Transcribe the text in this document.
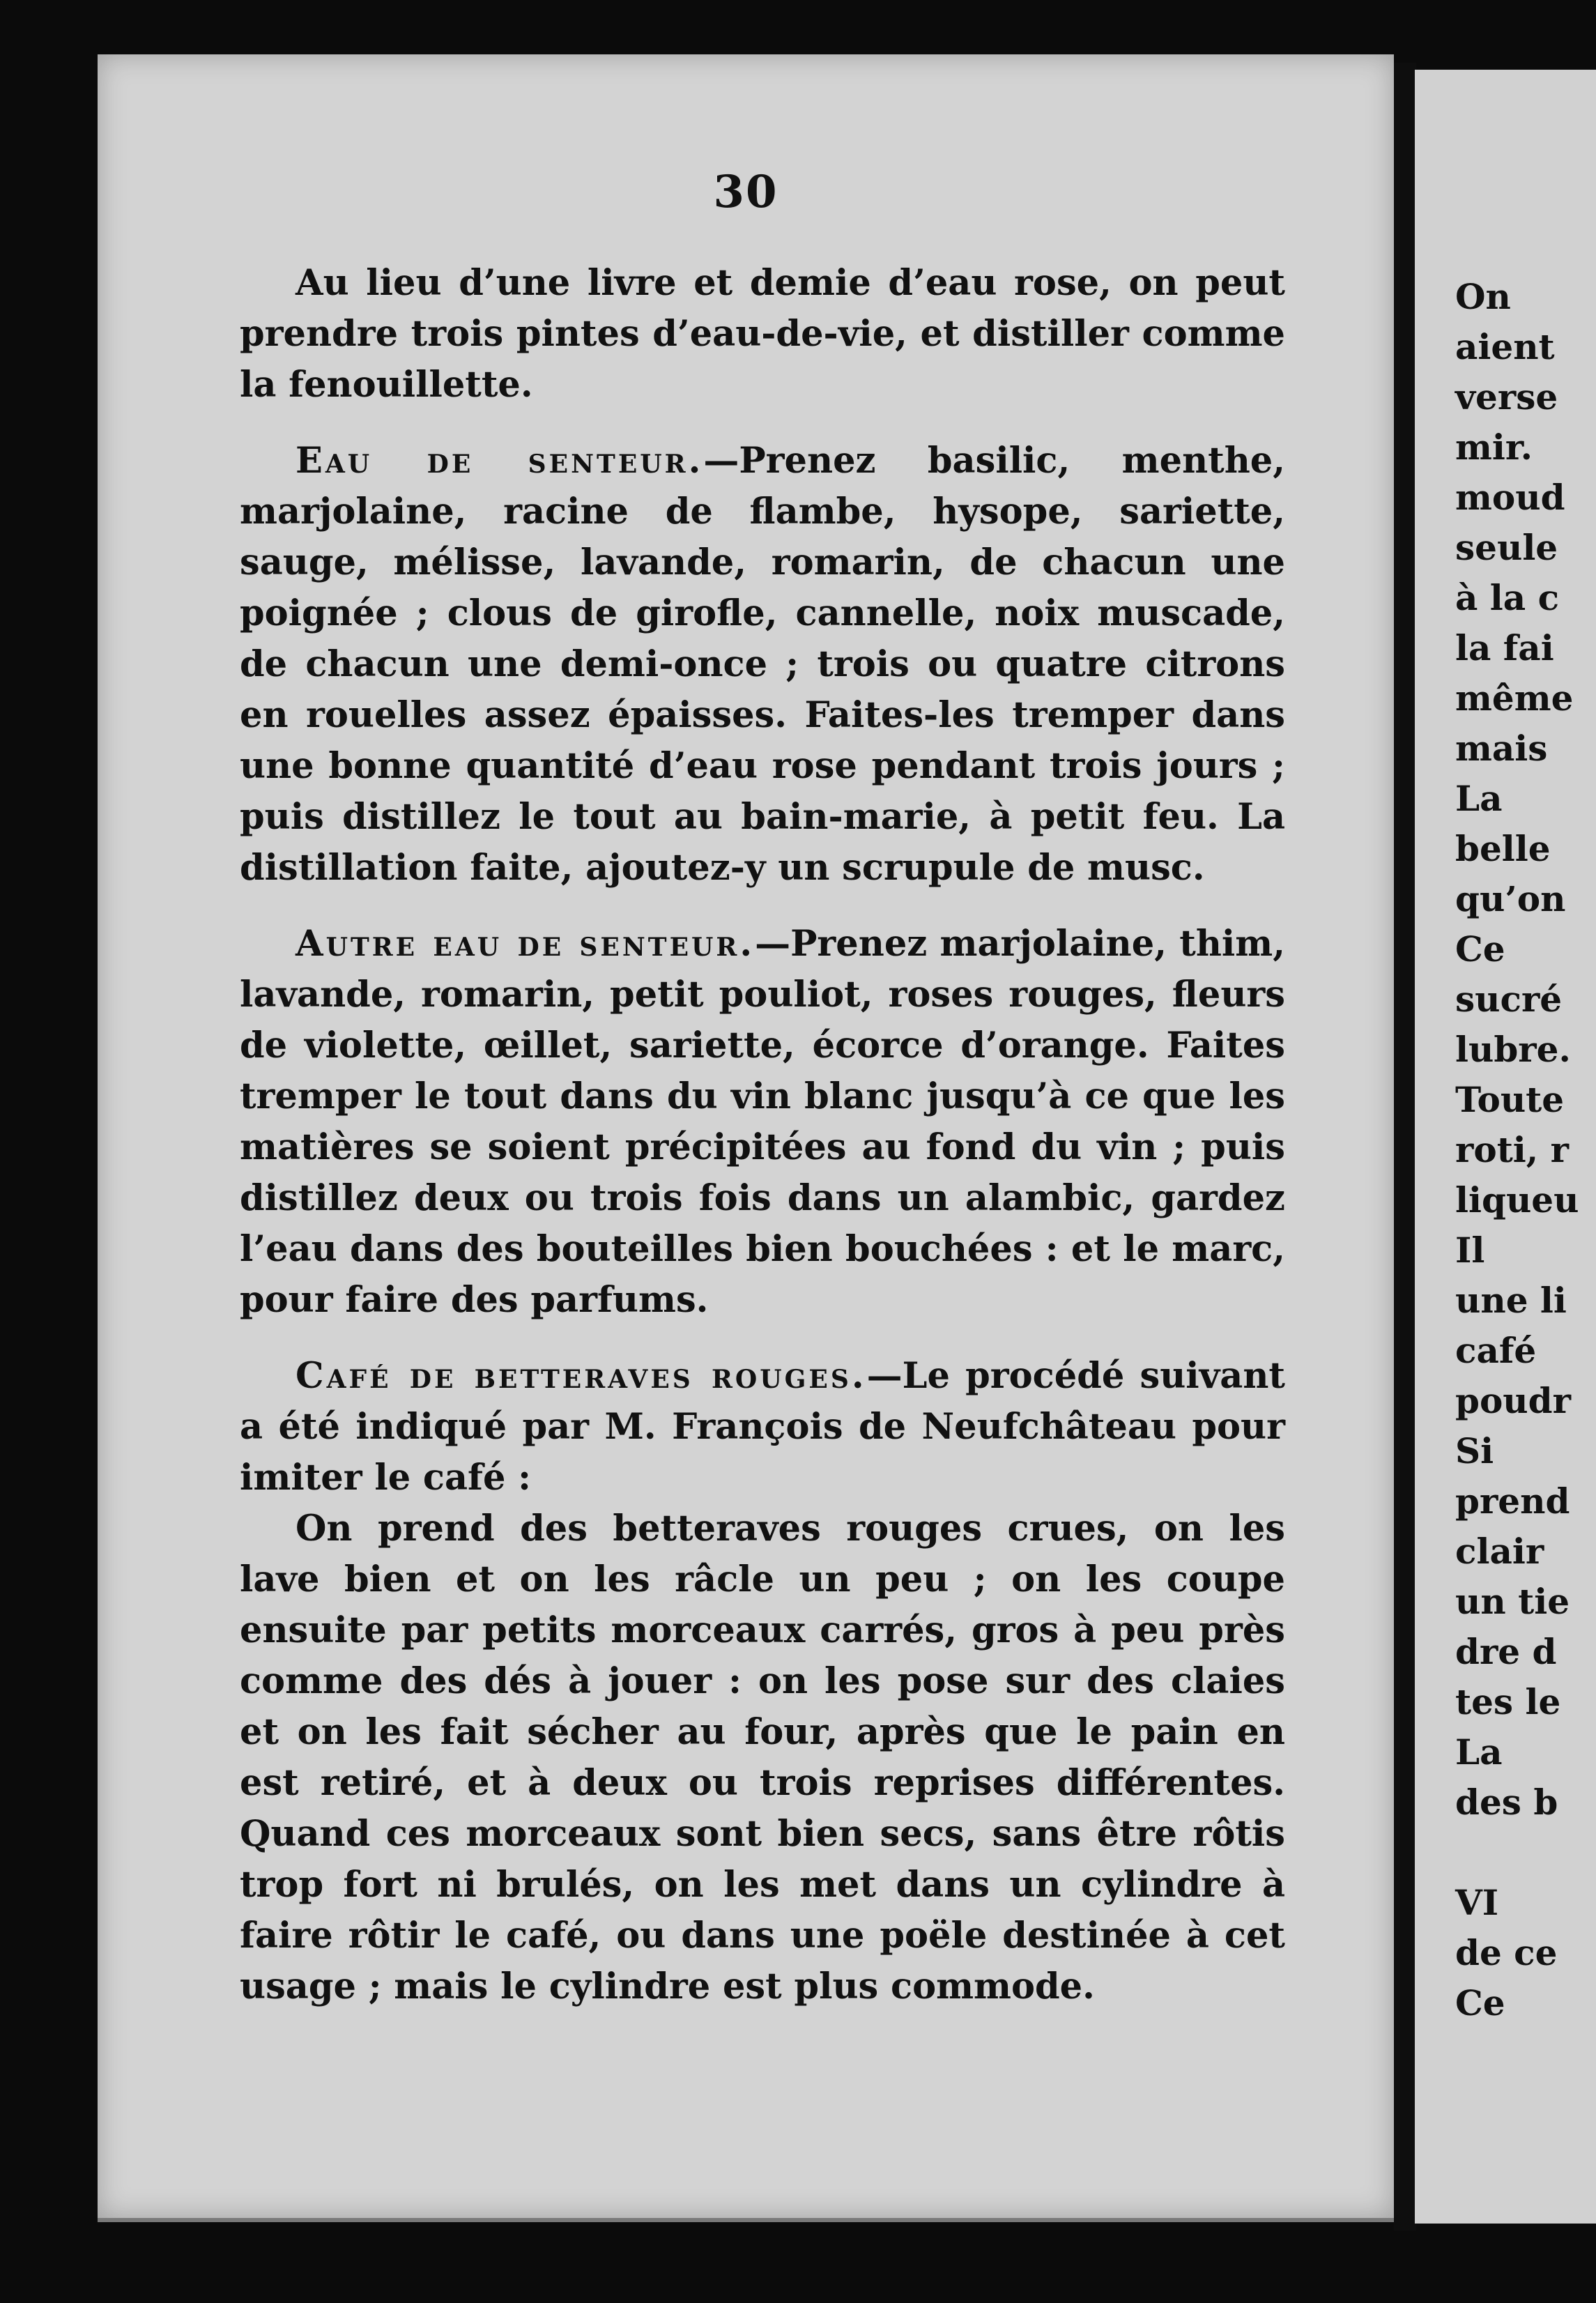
30

Au lieu d’une livre et demie d’eau rose, on peut prendre trois pintes d’eau-de-vie, et distiller comme la fenouillette.

Eau de senteur.—Prenez basilic, menthe, marjolaine, racine de flambe, hysope, sariette, sauge, mélisse, lavande, romarin, de chacun une poignée ; clous de girofle, cannelle, noix muscade, de chacun une demi-once ; trois ou quatre citrons en rouelles assez épaisses. Faites-les tremper dans une bonne quantité d’eau rose pendant trois jours ; puis distillez le tout au bain-marie, à petit feu. La distillation faite, ajoutez-y un scrupule de musc.

Autre eau de senteur.—Prenez marjolaine, thim, lavande, romarin, petit pouliot, roses rouges, fleurs de violette, œillet, sariette, écorce d’orange. Faites tremper le tout dans du vin blanc jusqu’à ce que les matières se soient précipitées au fond du vin ; puis distillez deux ou trois fois dans un alambic, gardez l’eau dans des bouteilles bien bouchées : et le marc, pour faire des parfums.

Café de betteraves rouges.—Le procédé suivant a été indiqué par M. François de Neufchâteau pour imiter le café :

On prend des betteraves rouges crues, on les lave bien et on les râcle un peu ; on les coupe ensuite par petits morceaux carrés, gros à peu près comme des dés à jouer : on les pose sur des claies et on les fait sécher au four, après que le pain en est retiré, et à deux ou trois reprises différentes. Quand ces morceaux sont bien secs, sans être rôtis trop fort ni brulés, on les met dans un cylindre à faire rôtir le café, ou dans une poële destinée à cet usage ; mais le cylindre est plus commode.

On
aient
verse
mir.
moud
seule
à la c
la fai
même
mais
La
belle
qu’on
Ce
sucré
lubre.
Toute
roti, r
liqueu
Il
une li
café
poudr
Si
prend
clair
un tie
dre d
tes le
La
des b

VI
de ce
Ce
